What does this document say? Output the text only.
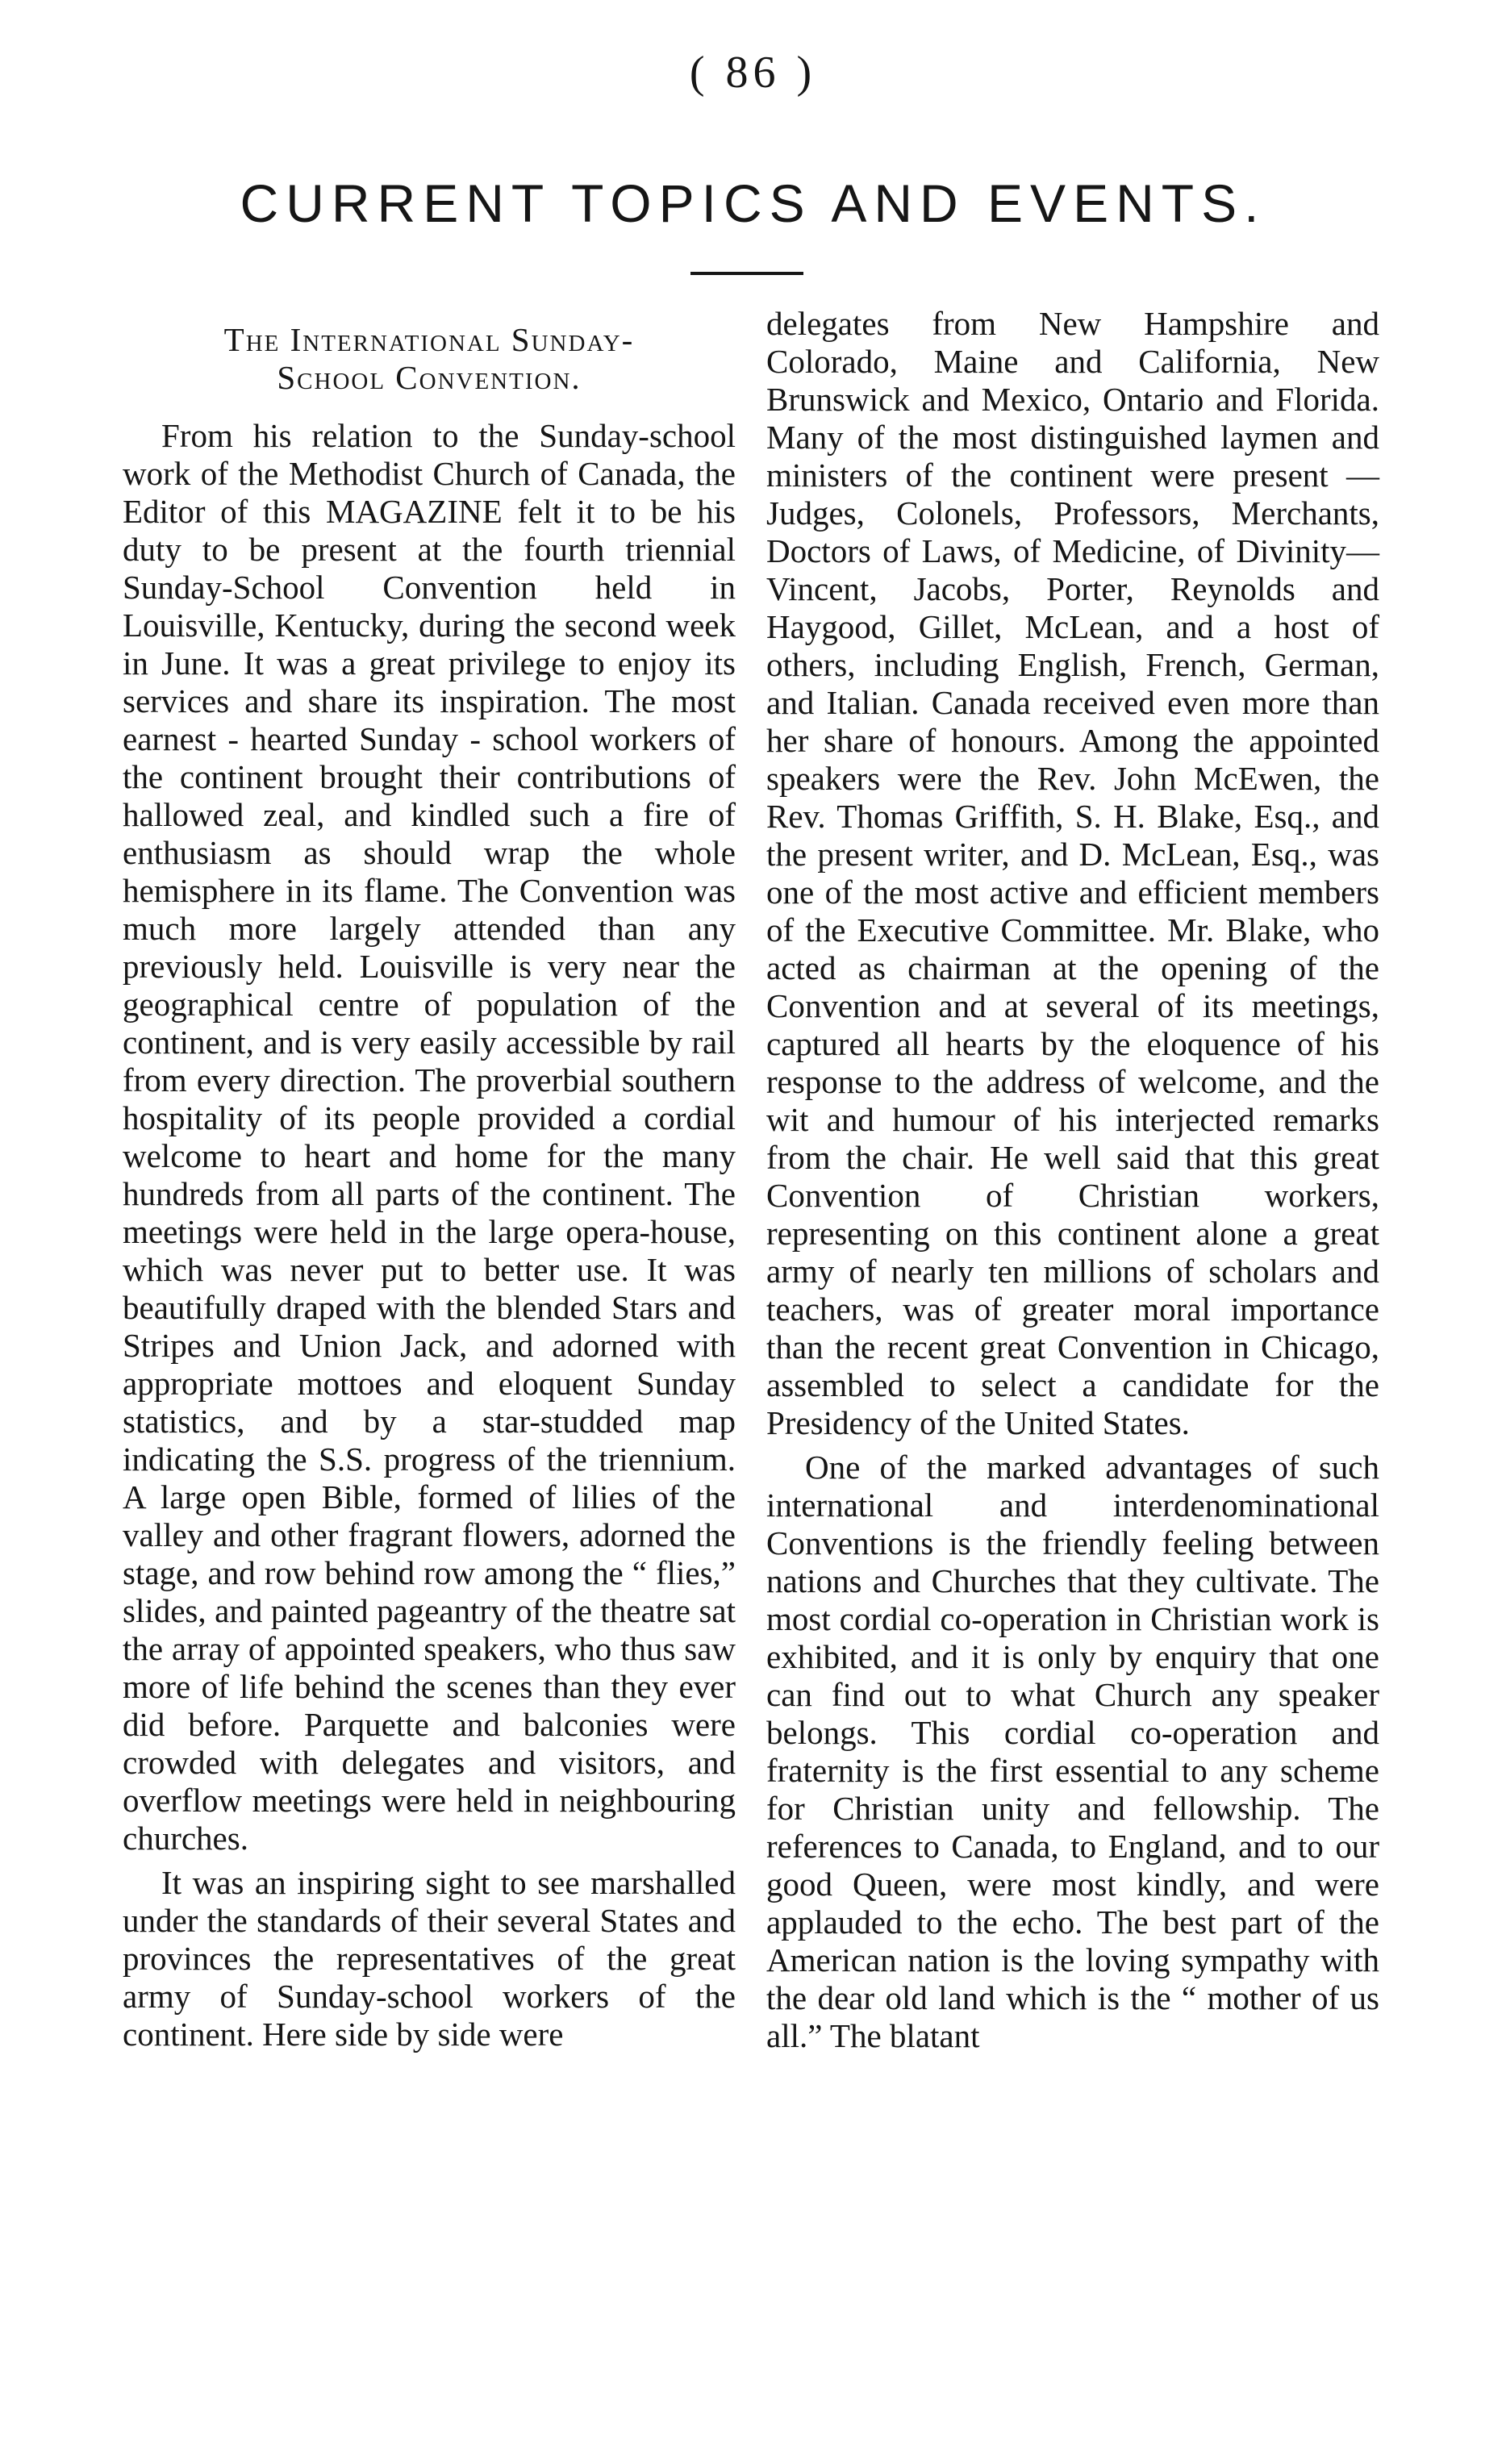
( 86 )
CURRENT TOPICS AND EVENTS.
The International Sunday-
School Convention.

From his relation to the Sunday-school work of the Methodist Church of Canada, the Editor of this MAGAZINE felt it to be his duty to be present at the fourth triennial Sunday-School Convention held in Louisville, Kentucky, during the second week in June. It was a great privilege to enjoy its services and share its inspiration. The most earnest - hearted Sunday - school workers of the continent brought their contributions of hallowed zeal, and kindled such a fire of enthusiasm as should wrap the whole hemisphere in its flame. The Convention was much more largely attended than any previously held. Louisville is very near the geographical centre of population of the continent, and is very easily accessible by rail from every direction. The proverbial southern hospitality of its people provided a cordial welcome to heart and home for the many hundreds from all parts of the continent. The meetings were held in the large opera-house, which was never put to better use. It was beautifully draped with the blended Stars and Stripes and Union Jack, and adorned with appropriate mottoes and eloquent Sunday statistics, and by a star-studded map indicating the S.S. progress of the triennium. A large open Bible, formed of lilies of the valley and other fragrant flowers, adorned the stage, and row behind row among the “ flies,” slides, and painted pageantry of the theatre sat the array of appointed speakers, who thus saw more of life behind the scenes than they ever did before. Parquette and balconies were crowded with delegates and visitors, and overflow meetings were held in neighbouring churches.

It was an inspiring sight to see marshalled under the standards of their several States and provinces the representatives of the great army of Sunday-school workers of the continent. Here side by side were

delegates from New Hampshire and Colorado, Maine and California, New Brunswick and Mexico, Ontario and Florida. Many of the most distinguished laymen and ministers of the continent were present —Judges, Colonels, Professors, Merchants, Doctors of Laws, of Medicine, of Divinity—Vincent, Jacobs, Porter, Reynolds and Haygood, Gillet, McLean, and a host of others, including English, French, German, and Italian. Canada received even more than her share of honours. Among the appointed speakers were the Rev. John McEwen, the Rev. Thomas Griffith, S. H. Blake, Esq., and the present writer, and D. McLean, Esq., was one of the most active and efficient members of the Executive Committee. Mr. Blake, who acted as chairman at the opening of the Convention and at several of its meetings, captured all hearts by the eloquence of his response to the address of welcome, and the wit and humour of his interjected remarks from the chair. He well said that this great Convention of Christian workers, representing on this continent alone a great army of nearly ten millions of scholars and teachers, was of greater moral importance than the recent great Convention in Chicago, assembled to select a candidate for the Presidency of the United States.

One of the marked advantages of such international and interdenominational Conventions is the friendly feeling between nations and Churches that they cultivate. The most cordial co-operation in Christian work is exhibited, and it is only by enquiry that one can find out to what Church any speaker belongs. This cordial co-operation and fraternity is the first essential to any scheme for Christian unity and fellowship. The references to Canada, to England, and to our good Queen, were most kindly, and were applauded to the echo. The best part of the American nation is the loving sympathy with the dear old land which is the “ mother of us all.” The blatant
